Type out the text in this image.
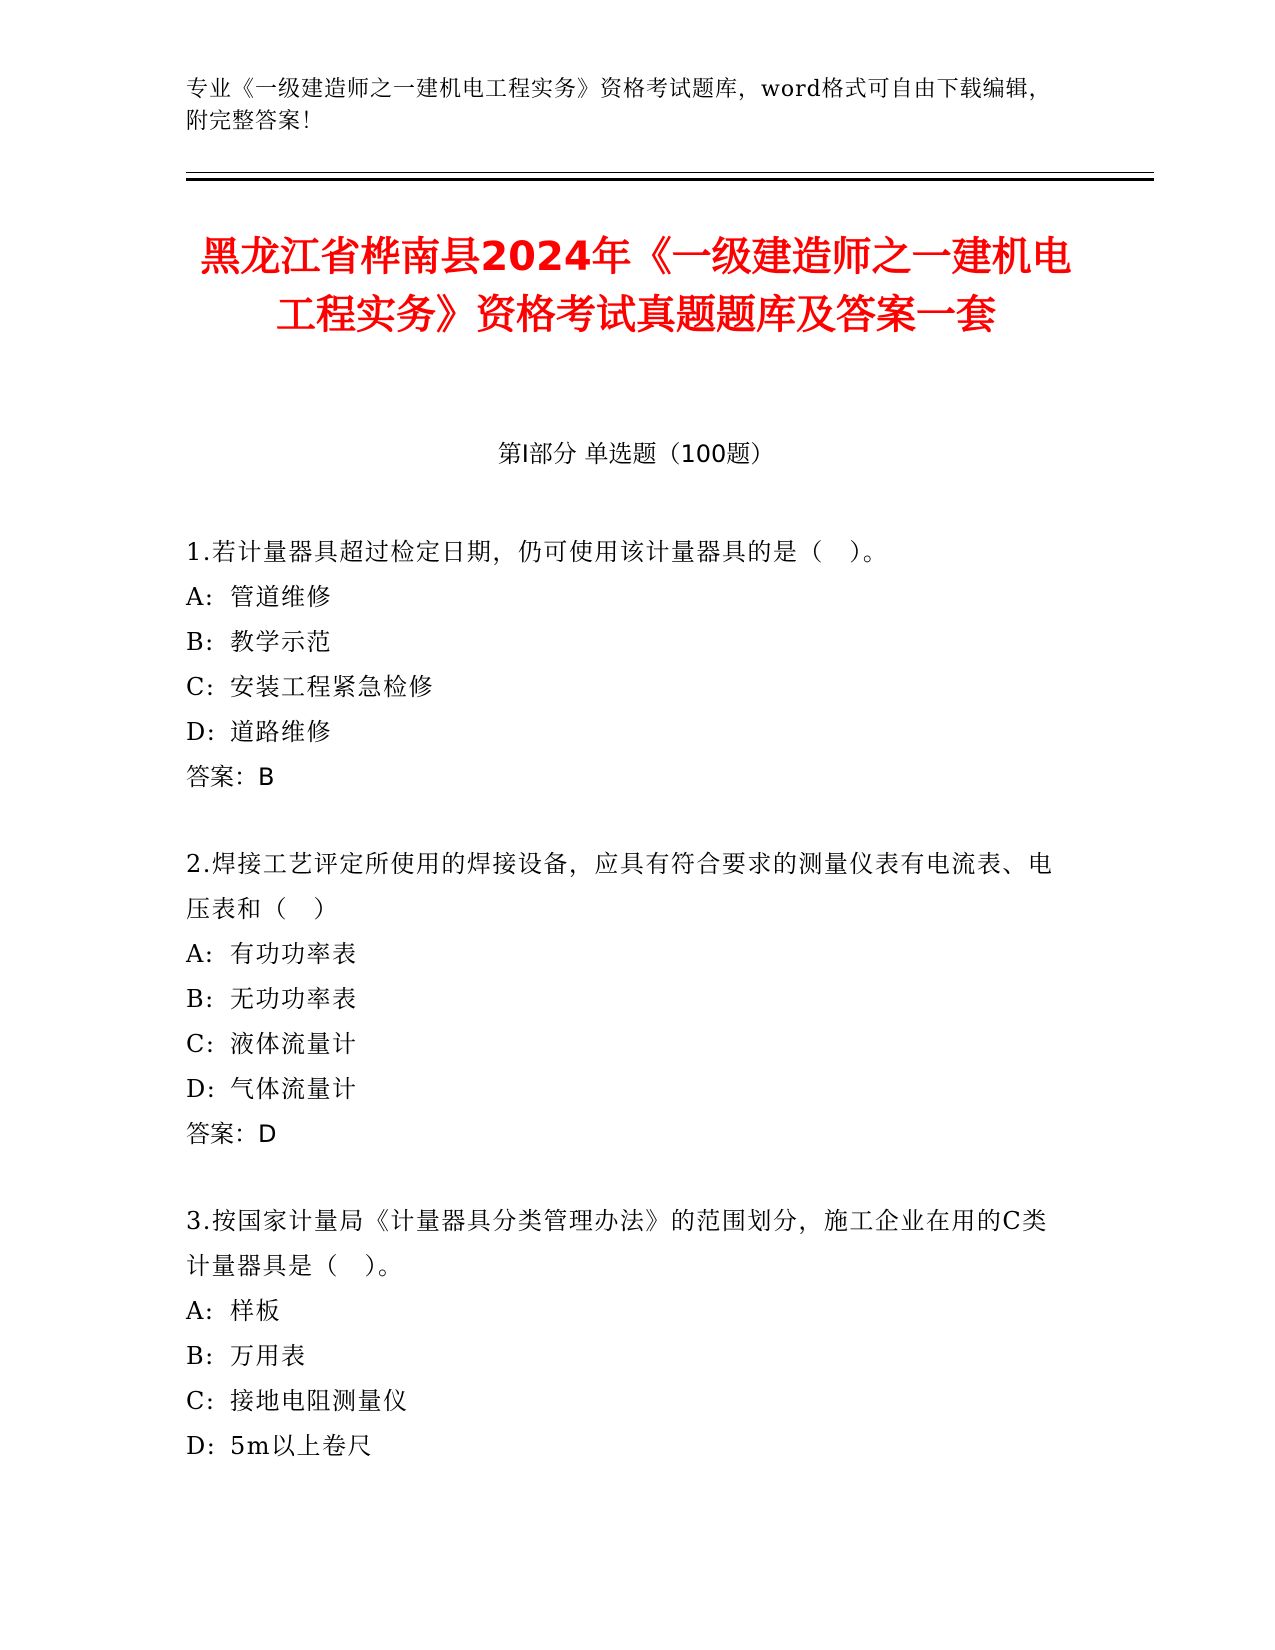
专业《一级建造师之一建机电工程实务》资格考试题库，word格式可自由下载编辑，附完整答案！
黑龙江省桦南县2024年《一级建造师之一建机电工程实务》资格考试真题题库及答案一套
第I部分 单选题（100题）

1.若计量器具超过检定日期，仍可使用该计量器具的是（　）。

A: 管道维修

B: 教学示范

C: 安装工程紧急检修

D: 道路维修

答案：B

2.焊接工艺评定所使用的焊接设备，应具有符合要求的测量仪表有电流表、电压表和（　）

A: 有功功率表

B: 无功功率表

C: 液体流量计

D: 气体流量计

答案：D

3.按国家计量局《计量器具分类管理办法》的范围划分，施工企业在用的C类计量器具是（　）。

A: 样板

B: 万用表

C: 接地电阻测量仪

D: 5m以上卷尺
